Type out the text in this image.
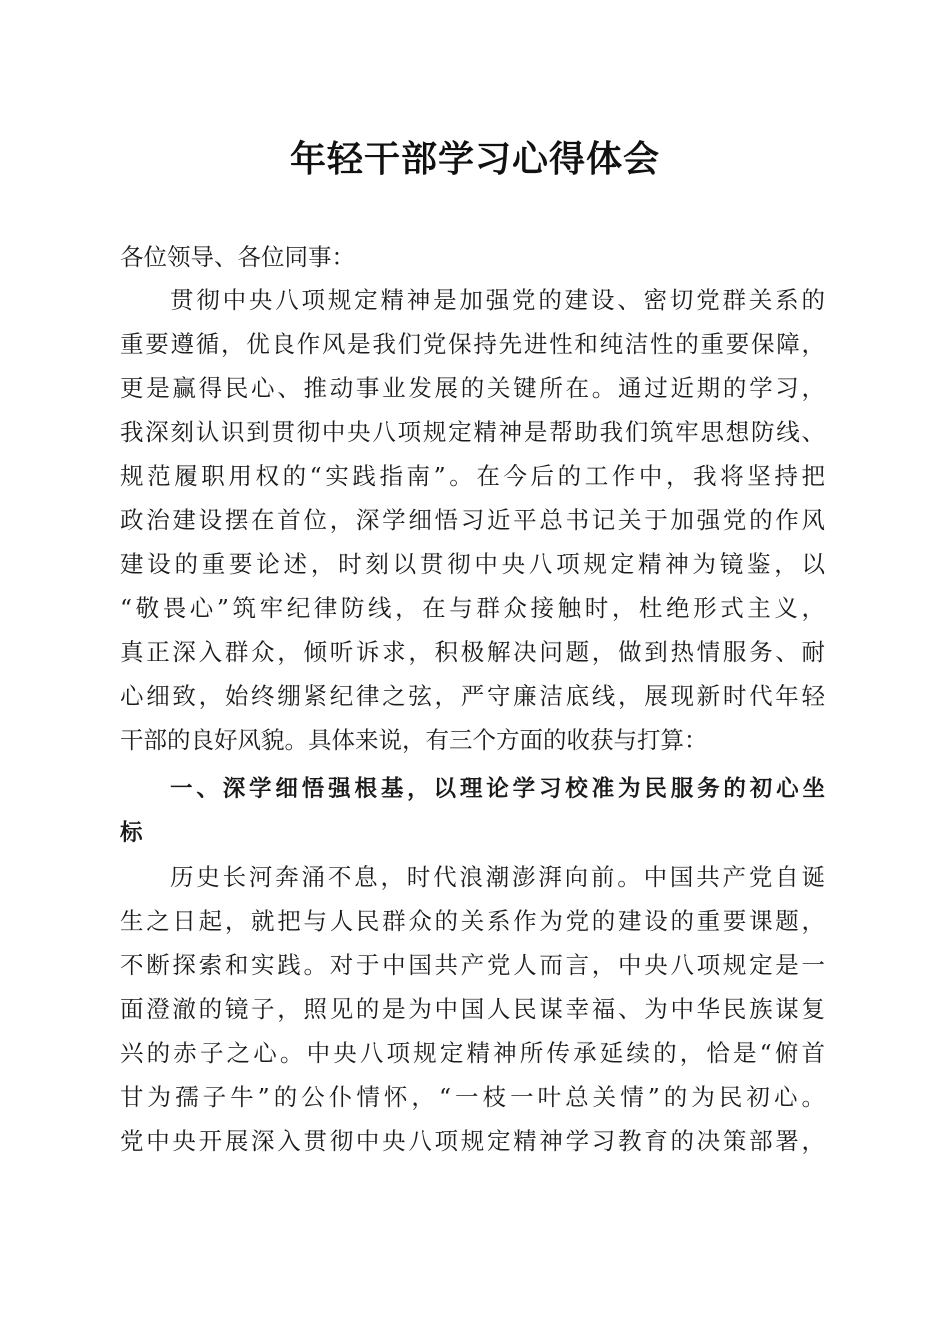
年轻干部学习心得体会
各位领导、各位同事：
贯彻中央八项规定精神是加强党的建设、密切党群关系的
重要遵循，优良作风是我们党保持先进性和纯洁性的重要保障，
更是赢得民心、推动事业发展的关键所在。通过近期的学习，
我深刻认识到贯彻中央八项规定精神是帮助我们筑牢思想防线、
规范履职用权的“实践指南”。在今后的工作中，我将坚持把
政治建设摆在首位，深学细悟习近平总书记关于加强党的作风
建设的重要论述，时刻以贯彻中央八项规定精神为镜鉴，以
“敬畏心”筑牢纪律防线，在与群众接触时，杜绝形式主义，
真正深入群众，倾听诉求，积极解决问题，做到热情服务、耐
心细致，始终绷紧纪律之弦，严守廉洁底线，展现新时代年轻
干部的良好风貌。具体来说，有三个方面的收获与打算：
一、深学细悟强根基，以理论学习校准为民服务的初心坐
标
历史长河奔涌不息，时代浪潮澎湃向前。中国共产党自诞
生之日起，就把与人民群众的关系作为党的建设的重要课题，
不断探索和实践。对于中国共产党人而言，中央八项规定是一
面澄澈的镜子，照见的是为中国人民谋幸福、为中华民族谋复
兴的赤子之心。中央八项规定精神所传承延续的，恰是“俯首
甘为孺子牛”的公仆情怀，“一枝一叶总关情”的为民初心。
党中央开展深入贯彻中央八项规定精神学习教育的决策部署，
